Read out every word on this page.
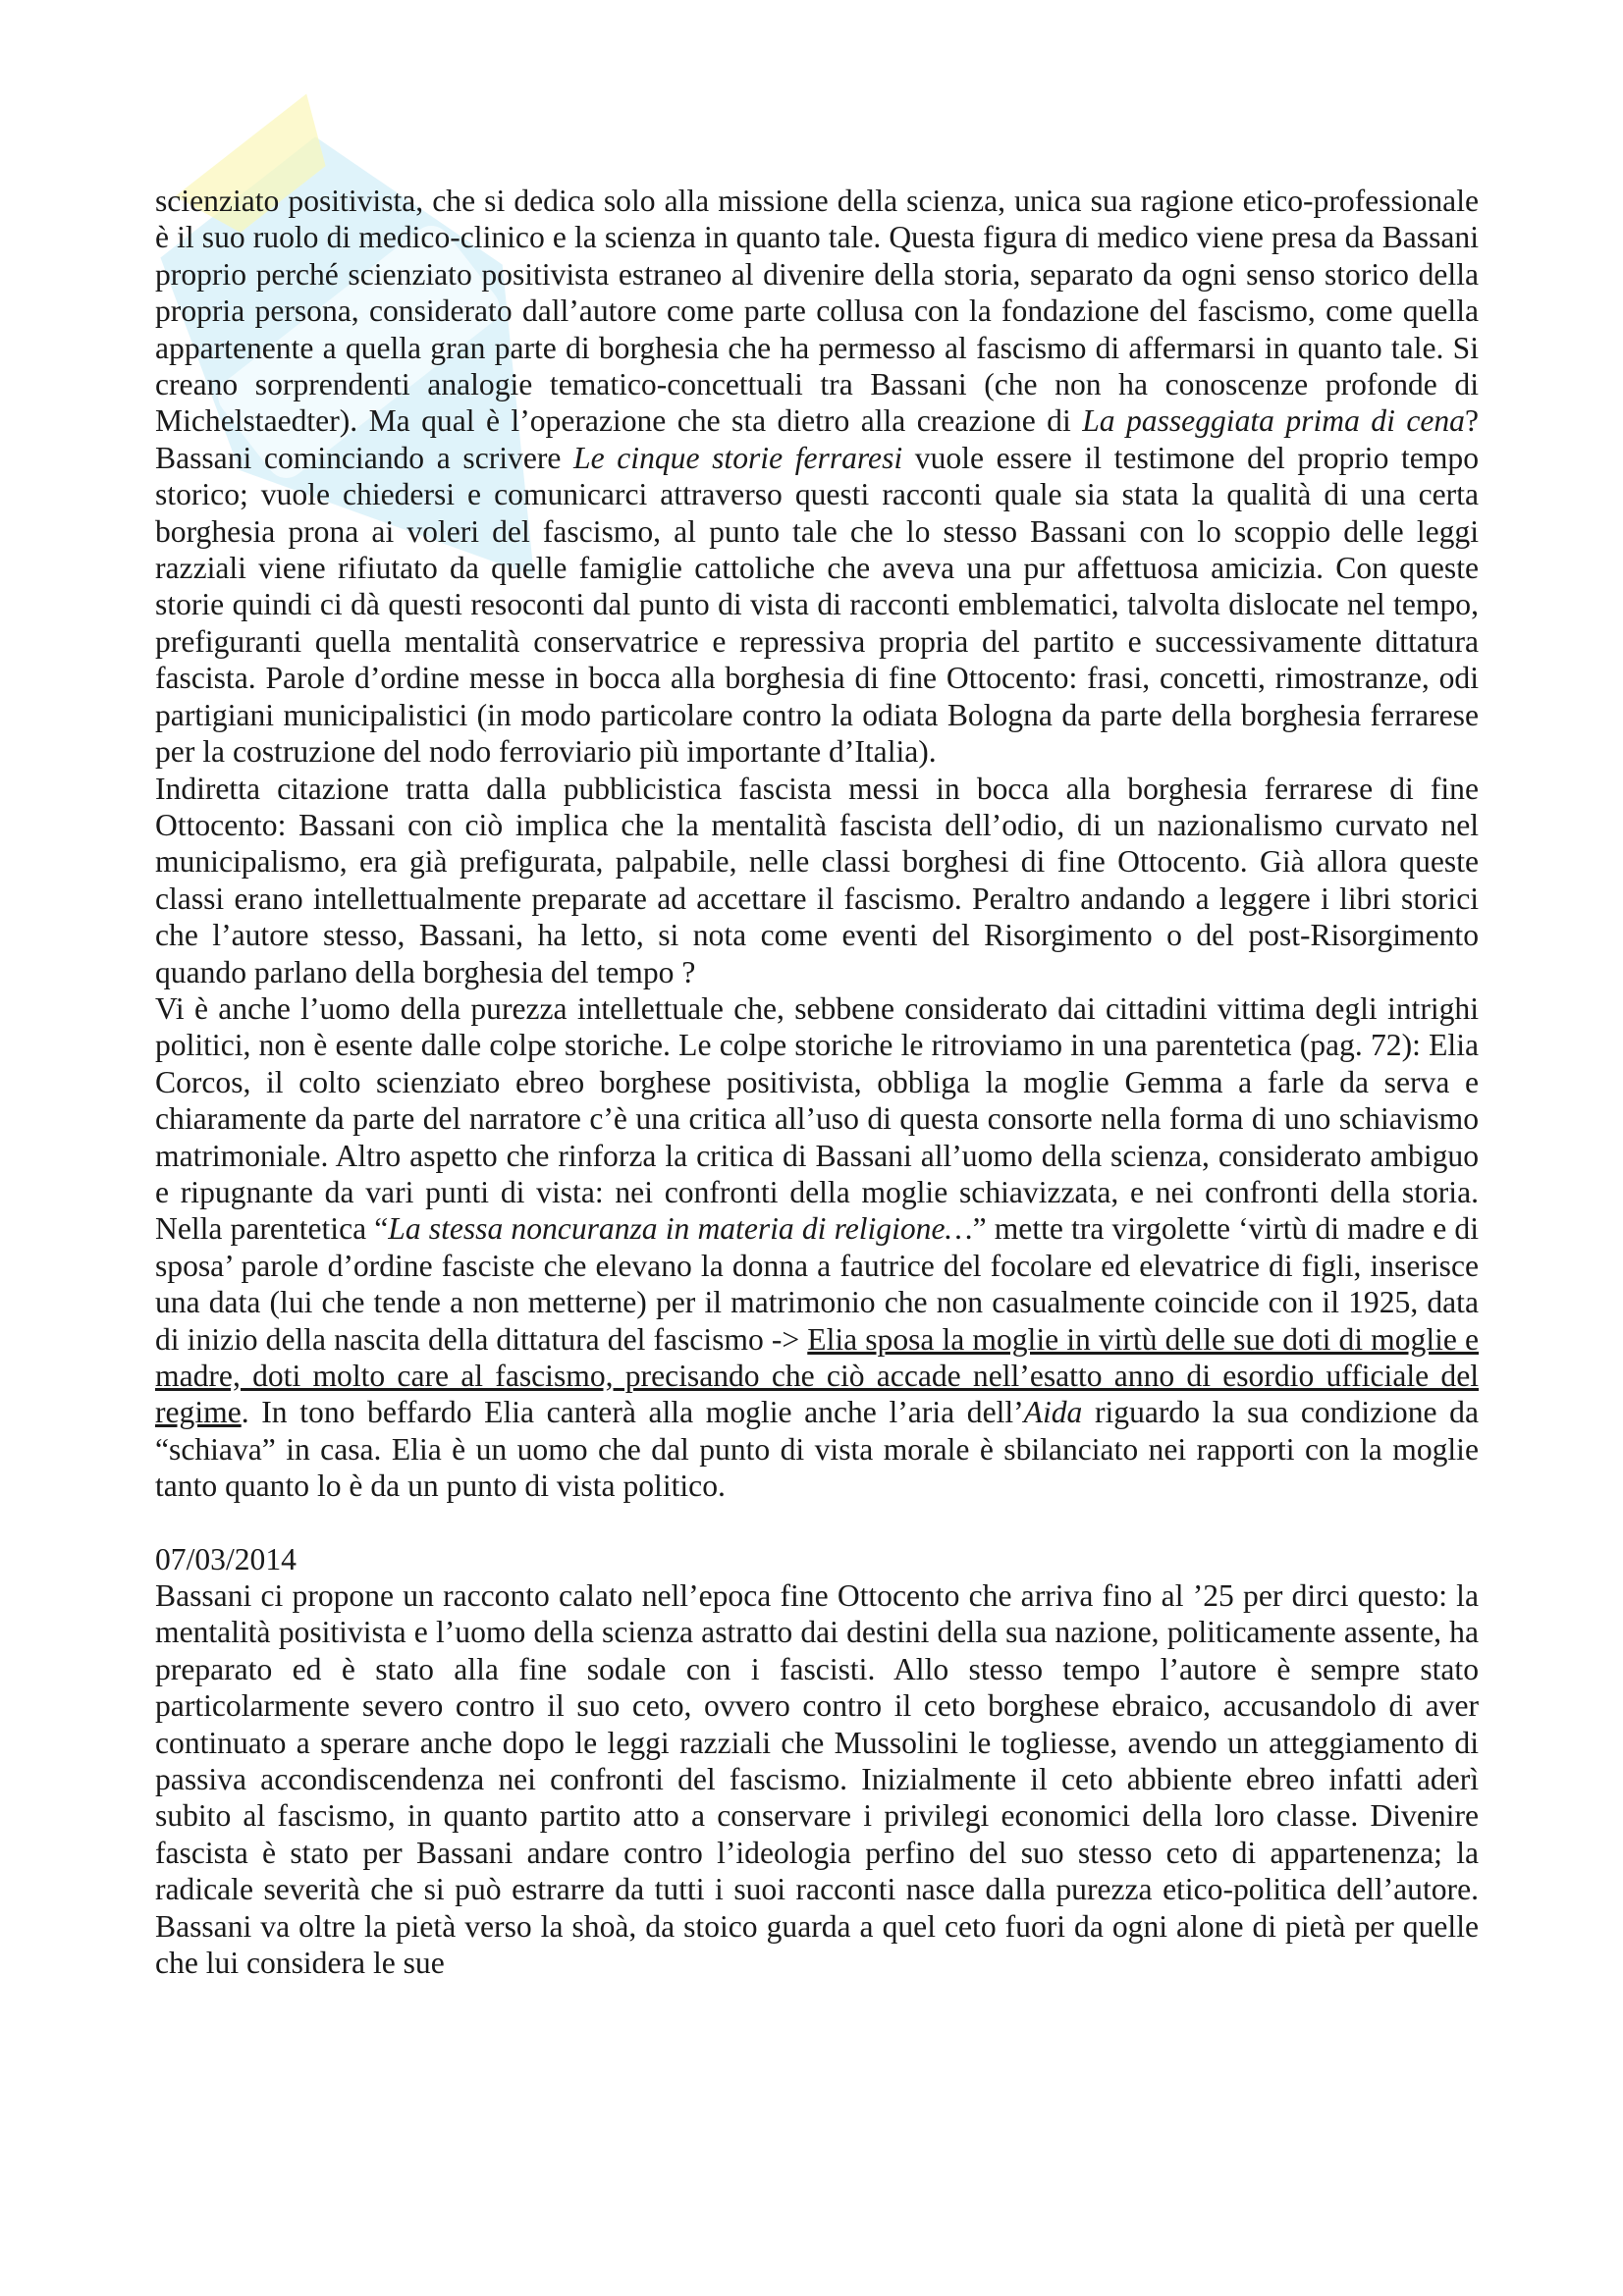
scienziato positivista, che si dedica solo alla missione della scienza, unica sua ragione etico-professionale è il suo ruolo di medico-clinico e la scienza in quanto tale. Questa figura di medico viene presa da Bassani proprio perché scienziato positivista estraneo al divenire della storia, separato da ogni senso storico della propria persona, considerato dall’autore come parte collusa con la fondazione del fascismo, come quella appartenente a quella gran parte di borghesia che ha permesso al fascismo di affermarsi in quanto tale. Si creano sorprendenti analogie tematico-concettuali tra Bassani (che non ha conoscenze profonde di Michelstaedter). Ma qual è l’operazione che sta dietro alla creazione di La passeggiata prima di cena? Bassani cominciando a scrivere Le cinque storie ferraresi vuole essere il testimone del proprio tempo storico; vuole chiedersi e comunicarci attraverso questi racconti quale sia stata la qualità di una certa borghesia prona ai voleri del fascismo, al punto tale che lo stesso Bassani con lo scoppio delle leggi razziali viene rifiutato da quelle famiglie cattoliche che aveva una pur affettuosa amicizia. Con queste storie quindi ci dà questi resoconti dal punto di vista di racconti emblematici, talvolta dislocate nel tempo, prefiguranti quella mentalità conservatrice e repressiva propria del partito e successivamente dittatura fascista. Parole d’ordine messe in bocca alla borghesia di fine Ottocento: frasi, concetti, rimostranze, odi partigiani municipalistici (in modo particolare contro la odiata Bologna da parte della borghesia ferrarese per la costruzione del nodo ferroviario più importante d’Italia).

Indiretta citazione tratta dalla pubblicistica fascista messi in bocca alla borghesia ferrarese di fine Ottocento: Bassani con ciò implica che la mentalità fascista dell’odio, di un nazionalismo curvato nel municipalismo, era già prefigurata, palpabile, nelle classi borghesi di fine Ottocento. Già allora queste classi erano intellettualmente preparate ad accettare il fascismo. Peraltro andando a leggere i libri storici che l’autore stesso, Bassani, ha letto, si nota come eventi del Risorgimento o del post-Risorgimento quando parlano della borghesia del tempo ?

Vi è anche l’uomo della purezza intellettuale che, sebbene considerato dai cittadini vittima degli intrighi politici, non è esente dalle colpe storiche. Le colpe storiche le ritroviamo in una parentetica (pag. 72): Elia Corcos, il colto scienziato ebreo borghese positivista, obbliga la moglie Gemma a farle da serva e chiaramente da parte del narratore c’è una critica all’uso di questa consorte nella forma di uno schiavismo matrimoniale. Altro aspetto che rinforza la critica di Bassani all’uomo della scienza, considerato ambiguo e ripugnante da vari punti di vista: nei confronti della moglie schiavizzata, e nei confronti della storia. Nella parentetica “La stessa noncuranza in materia di religione…” mette tra virgolette ‘virtù di madre e di sposa’ parole d’ordine fasciste che elevano la donna a fautrice del focolare ed elevatrice di figli, inserisce una data (lui che tende a non metterne) per il matrimonio che non casualmente coincide con il 1925, data di inizio della nascita della dittatura del fascismo -> Elia sposa la moglie in virtù delle sue doti di moglie e madre, doti molto care al fascismo, precisando che ciò accade nell’esatto anno di esordio ufficiale del regime. In tono beffardo Elia canterà alla moglie anche l’aria dell’Aida riguardo la sua condizione da “schiava” in casa. Elia è un uomo che dal punto di vista morale è sbilanciato nei rapporti con la moglie tanto quanto lo è da un punto di vista politico.

07/03/2014

Bassani ci propone un racconto calato nell’epoca fine Ottocento che arriva fino al ’25 per dirci questo: la mentalità positivista e l’uomo della scienza astratto dai destini della sua nazione, politicamente assente, ha preparato ed è stato alla fine sodale con i fascisti. Allo stesso tempo l’autore è sempre stato particolarmente severo contro il suo ceto, ovvero contro il ceto borghese ebraico, accusandolo di aver continuato a sperare anche dopo le leggi razziali che Mussolini le togliesse, avendo un atteggiamento di passiva accondiscendenza nei confronti del fascismo. Inizialmente il ceto abbiente ebreo infatti aderì subito al fascismo, in quanto partito atto a conservare i privilegi economici della loro classe. Divenire fascista è stato per Bassani andare contro l’ideologia perfino del suo stesso ceto di appartenenza; la radicale severità che si può estrarre da tutti i suoi racconti nasce dalla purezza etico-politica dell’autore. Bassani va oltre la pietà verso la shoà, da stoico guarda a quel ceto fuori da ogni alone di pietà per quelle che lui considera le sue
